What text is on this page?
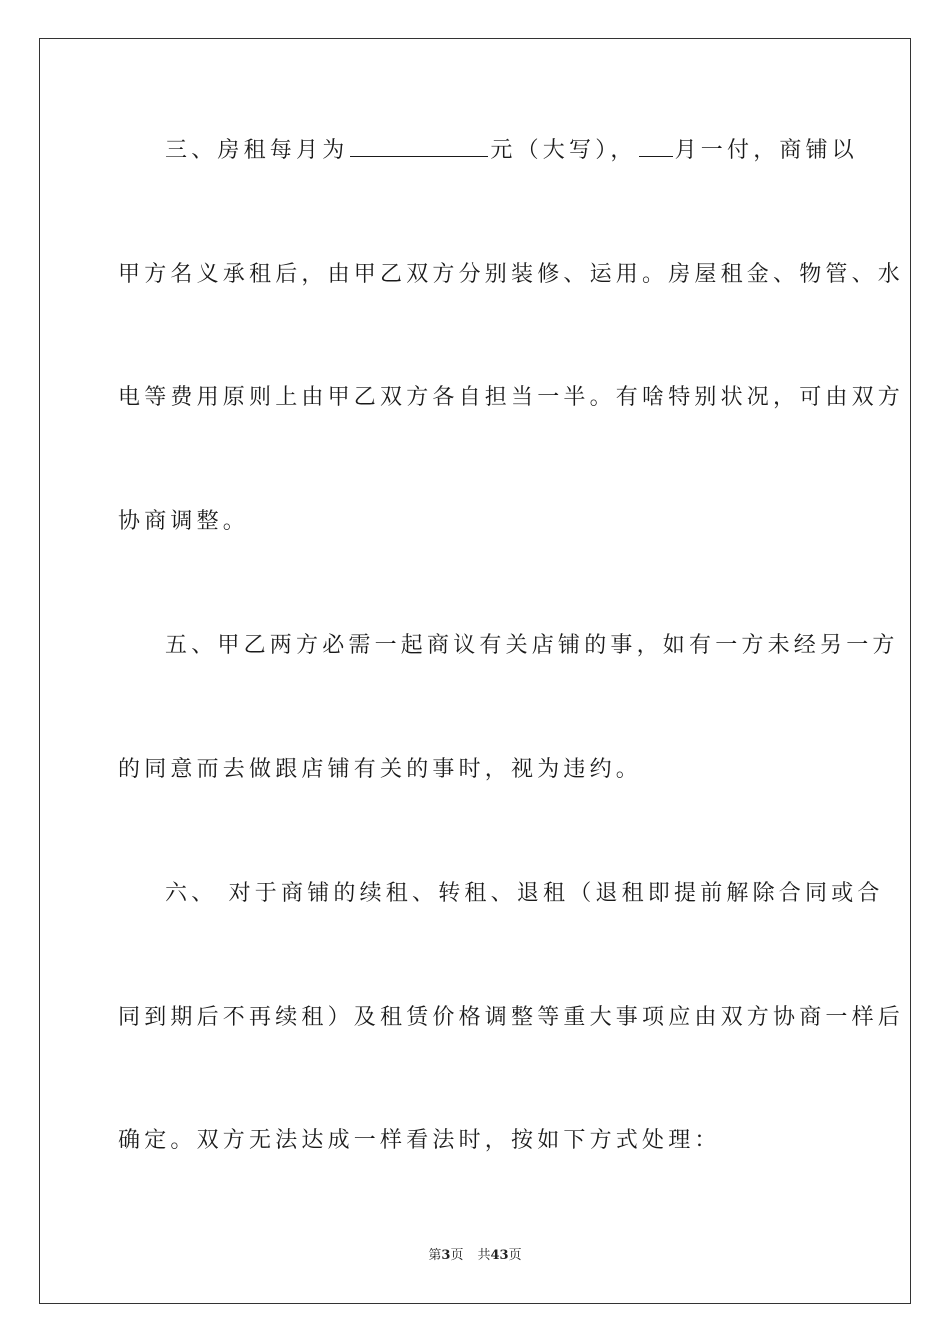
三、房租每月为	元（大写）， 月一付，商铺以
甲方名义承租后，由甲乙双方分别装修、运用。房屋租金、物管、水
电等费用原则上由甲乙双方各自担当一半。有啥特别状况，可由双方
协商调整。
五、甲乙两方必需一起商议有关店铺的事，如有一方未经另一方
的同意而去做跟店铺有关的事时，视为违约。
六、 对于商铺的续租、转租、退租（退租即提前解除合同或合
同到期后不再续租）及租赁价格调整等重大事项应由双方协商一样后
确定。双方无法达成一样看法时，按如下方式处理：
第3页 共43页
